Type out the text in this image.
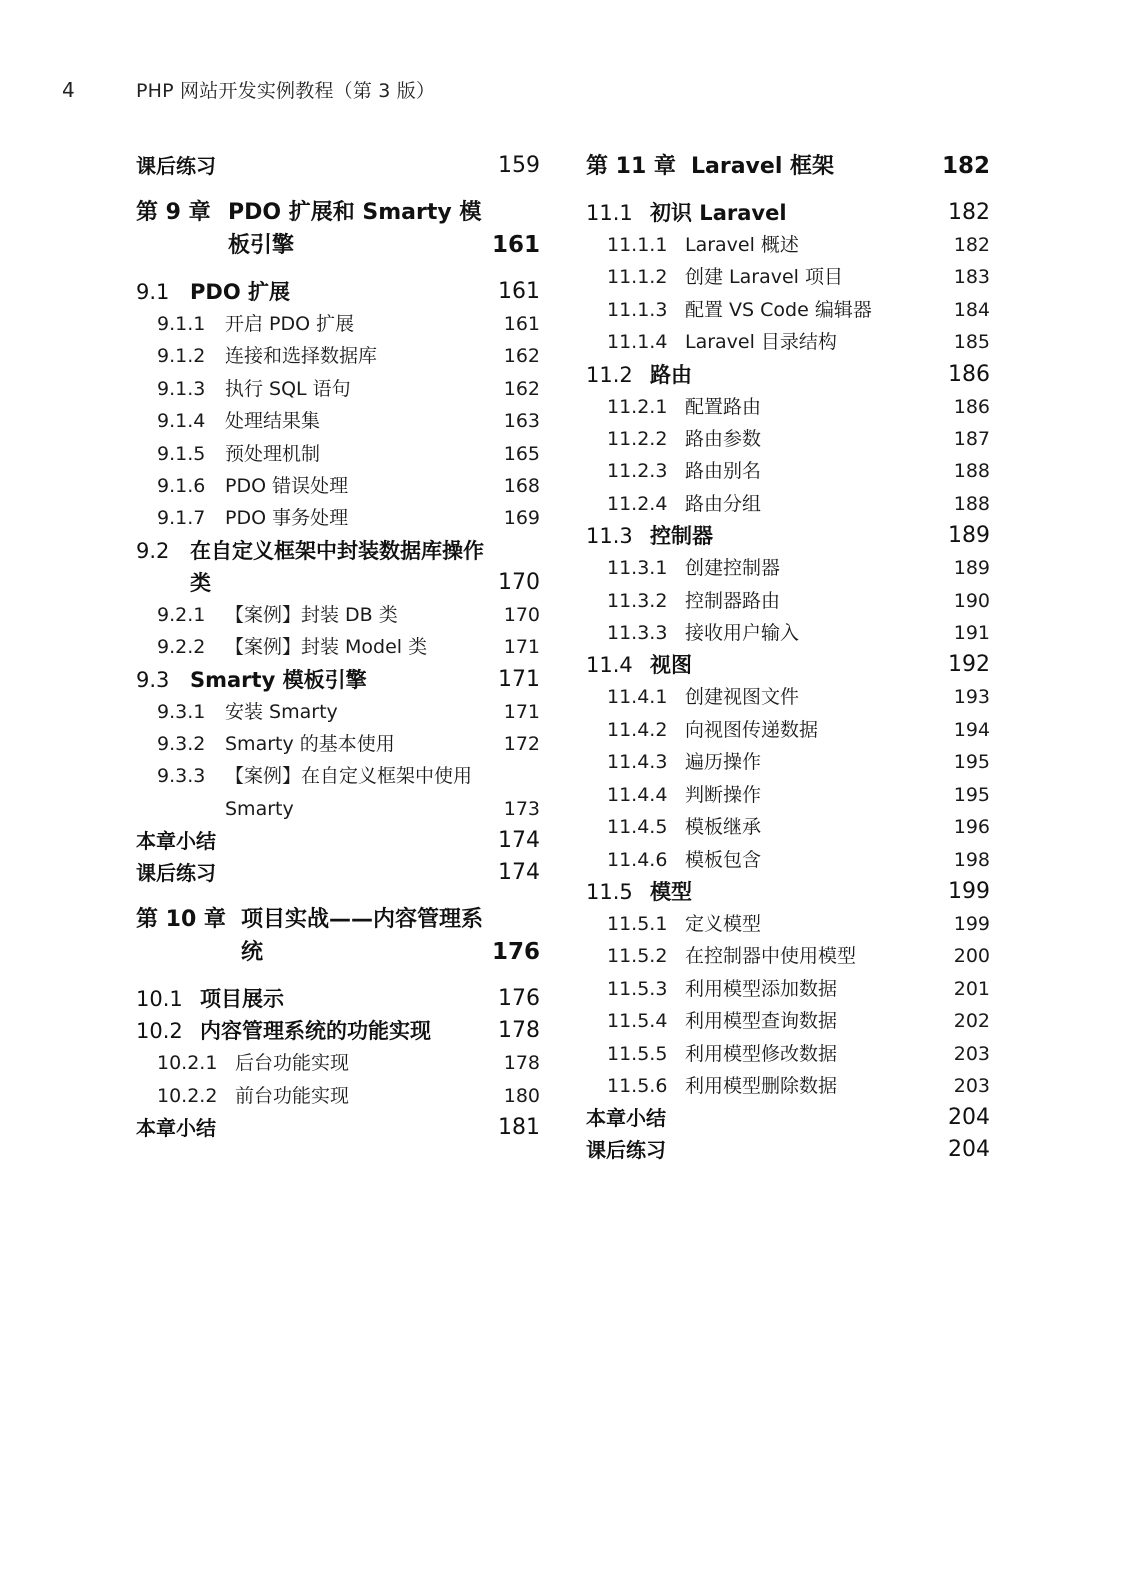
4	PHP 网站开发实例教程（第 3 版）
课后练习	159
第 9 章 PDO 扩展和 Smarty 模板引擎	161
9.1 PDO 扩展	161
9.1.1	开启 PDO 扩展	161
9.1.2	连接和选择数据库	162
9.1.3	执行 SQL 语句	162
9.1.4	处理结果集	163
9.1.5	预处理机制	165
9.1.6	PDO 错误处理	168
9.1.7	PDO 事务处理	169
9.2 在自定义框架中封装数据库操作类	170
9.2.1	【案例】封装 DB 类	170
9.2.2	【案例】封装 Model 类	171
9.3 Smarty 模板引擎	171
9.3.1	安装 Smarty	171
9.3.2	Smarty 的基本使用	172
9.3.3	【案例】在自定义框架中使用 Smarty	173
本章小结	174
课后练习	174
第 10 章 项目实战——内容管理系统	176
10.1 项目展示	176
10.2 内容管理系统的功能实现	178
10.2.1 后台功能实现	178
10.2.2 前台功能实现	180
本章小结	181
第 11 章 Laravel 框架	182
11.1 初识 Laravel	182
11.1.1 Laravel 概述	182
11.1.2 创建 Laravel 项目	183
11.1.3 配置 VS Code 编辑器	184
11.1.4 Laravel 目录结构	185
11.2 路由	186
11.2.1 配置路由	186
11.2.2 路由参数	187
11.2.3 路由别名	188
11.2.4 路由分组	188
11.3 控制器	189
11.3.1 创建控制器	189
11.3.2 控制器路由	190
11.3.3 接收用户输入	191
11.4 视图	192
11.4.1 创建视图文件	193
11.4.2 向视图传递数据	194
11.4.3 遍历操作	195
11.4.4 判断操作	195
11.4.5 模板继承	196
11.4.6 模板包含	198
11.5 模型	199
11.5.1 定义模型	199
11.5.2 在控制器中使用模型	200
11.5.3 利用模型添加数据	201
11.5.4 利用模型查询数据	202
11.5.5 利用模型修改数据	203
11.5.6 利用模型删除数据	203
本章小结	204
课后练习	204
